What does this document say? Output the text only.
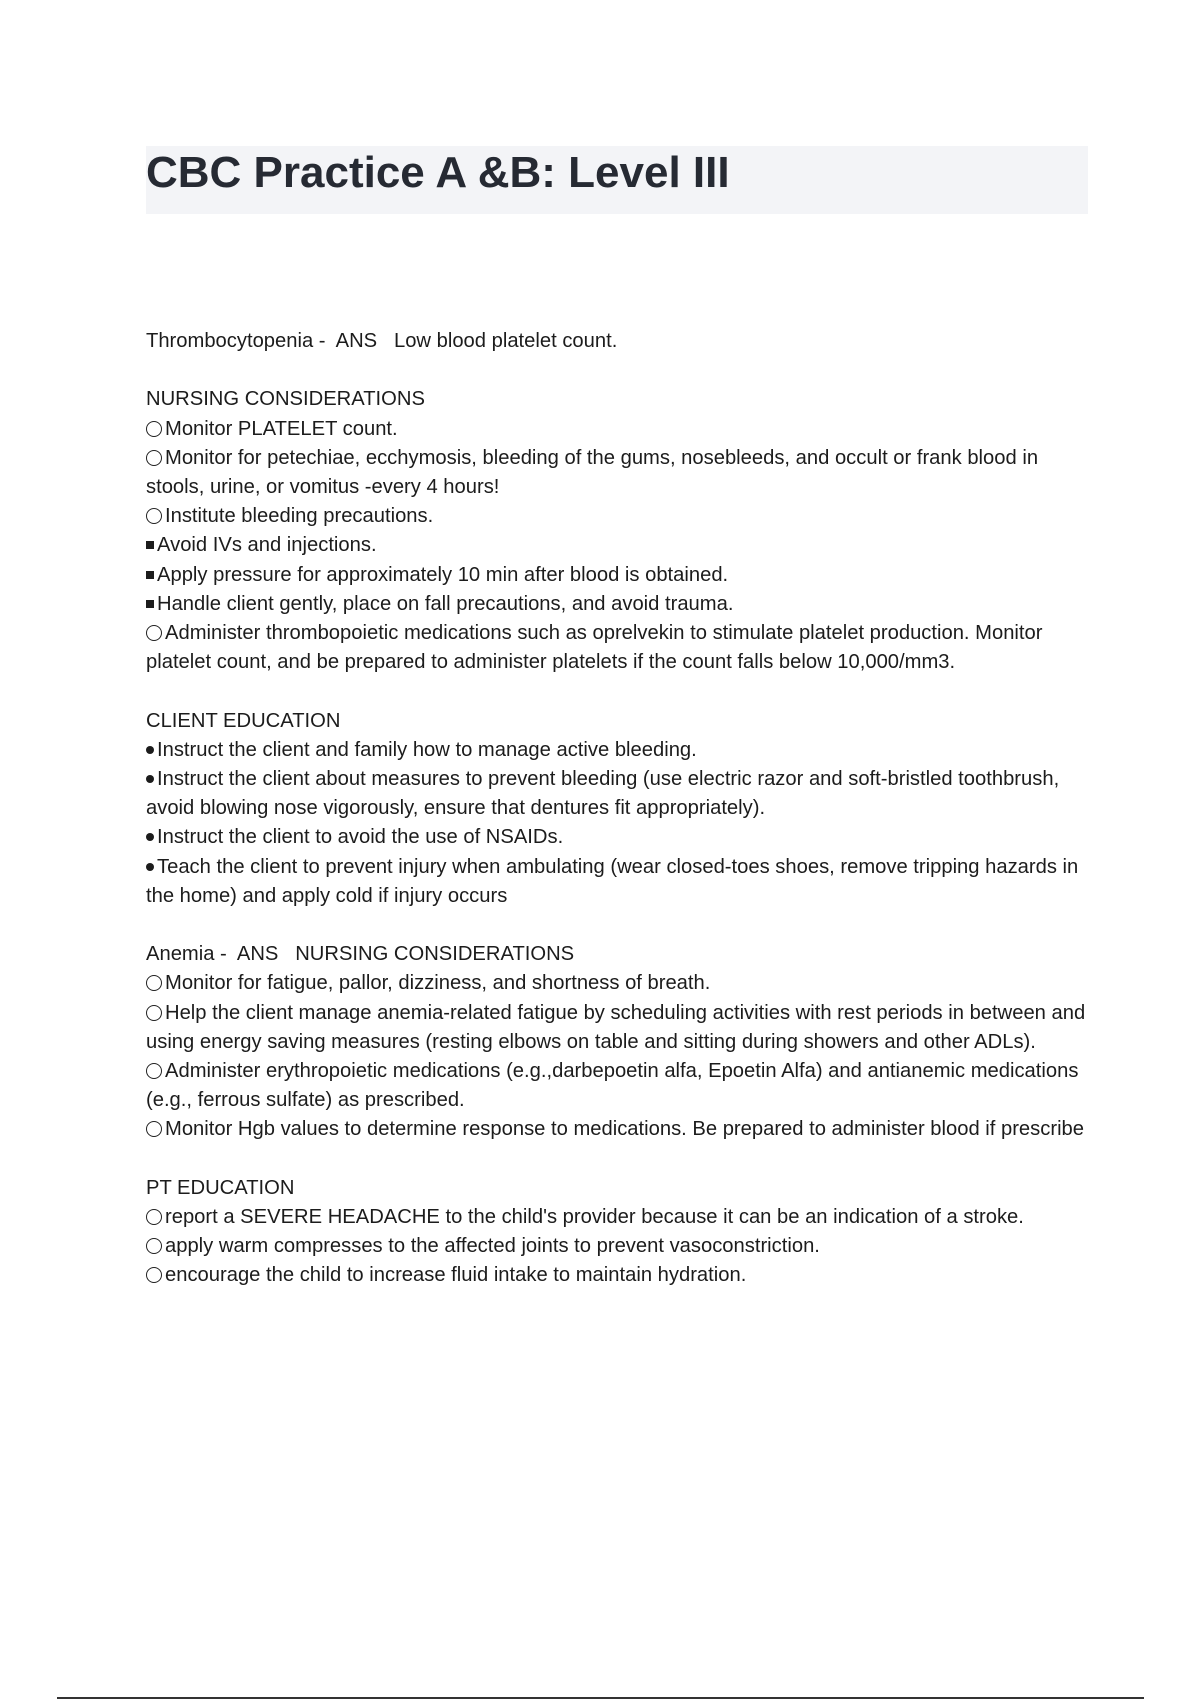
CBC Practice A &B: Level III
Thrombocytopenia -  ANS   Low blood platelet count.
NURSING CONSIDERATIONS
Monitor PLATELET count.
Monitor for petechiae, ecchymosis, bleeding of the gums, nosebleeds, and occult or frank blood in stools, urine, or vomitus -every 4 hours!
Institute bleeding precautions.
Avoid IVs and injections.
Apply pressure for approximately 10 min after blood is obtained.
Handle client gently, place on fall precautions, and avoid trauma.
Administer thrombopoietic medications such as oprelvekin to stimulate platelet production. Monitor platelet count, and be prepared to administer platelets if the count falls below 10,000/mm3.
CLIENT EDUCATION
Instruct the client and family how to manage active bleeding.
Instruct the client about measures to prevent bleeding (use electric razor and soft-bristled toothbrush, avoid blowing nose vigorously, ensure that dentures fit appropriately).
Instruct the client to avoid the use of NSAIDs.
Teach the client to prevent injury when ambulating (wear closed-toes shoes, remove tripping hazards in the home) and apply cold if injury occurs
Anemia -  ANS   NURSING CONSIDERATIONS
Monitor for fatigue, pallor, dizziness, and shortness of breath.
Help the client manage anemia-related fatigue by scheduling activities with rest periods in between and using energy saving measures (resting elbows on table and sitting during showers and other ADLs).
Administer erythropoietic medications (e.g.,darbepoetin alfa, Epoetin Alfa) and antianemic medications (e.g., ferrous sulfate) as prescribed.
Monitor Hgb values to determine response to medications. Be prepared to administer blood if prescribe
PT EDUCATION
report a SEVERE HEADACHE to the child's provider because it can be an indication of a stroke.
apply warm compresses to the affected joints to prevent vasoconstriction.
encourage the child to increase fluid intake to maintain hydration.
